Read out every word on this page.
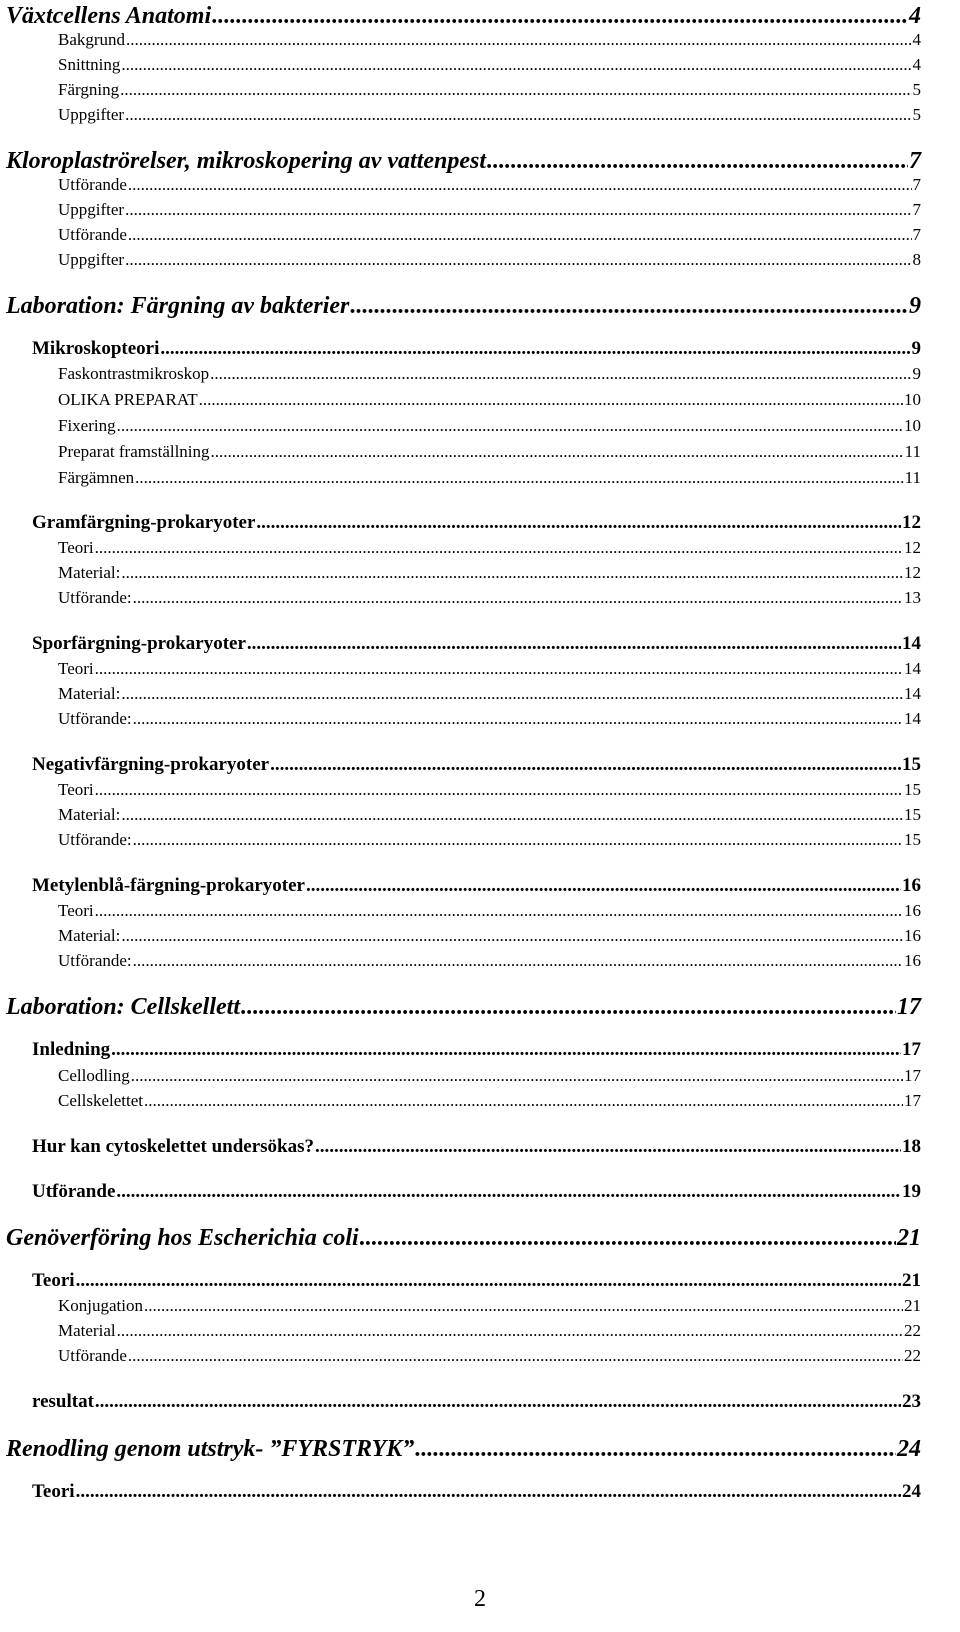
Växtcellens Anatomi .....	4
Bakgrund .....	4
Snittning .....	4
Färgning .....	5
Uppgifter .....	5
Kloroplaströrelser, mikroskopering av vattenpest .....	7
Utförande .....	7
Uppgifter .....	7
Utförande .....	7
Uppgifter .....	8
Laboration: Färgning av bakterier .....	9
Mikroskopteori .....	9
Faskontrastmikroskop .....	9
OLIKA PREPARAT .....	10
Fixering .....	10
Preparat framställning .....	11
Färgämnen .....	11
Gramfärgning-prokaryoter .....	12
Teori .....	12
Material: .....	12
Utförande: .....	13
Sporfärgning-prokaryoter .....	14
Teori .....	14
Material: .....	14
Utförande: .....	14
Negativfärgning-prokaryoter .....	15
Teori .....	15
Material: .....	15
Utförande: .....	15
Metylenblå-färgning-prokaryoter .....	16
Teori .....	16
Material: .....	16
Utförande: .....	16
Laboration: Cellskellett .....	17
Inledning .....	17
Cellodling .....	17
Cellskelettet .....	17
Hur kan cytoskelettet undersökas? .....	18
Utförande .....	19
Genöverföring hos Escherichia coli .....	21
Teori .....	21
Konjugation .....	21
Material .....	22
Utförande .....	22
resultat .....	23
Renodling genom utstryk- ”FYRSTRYK” .....	24
Teori .....	24
2
